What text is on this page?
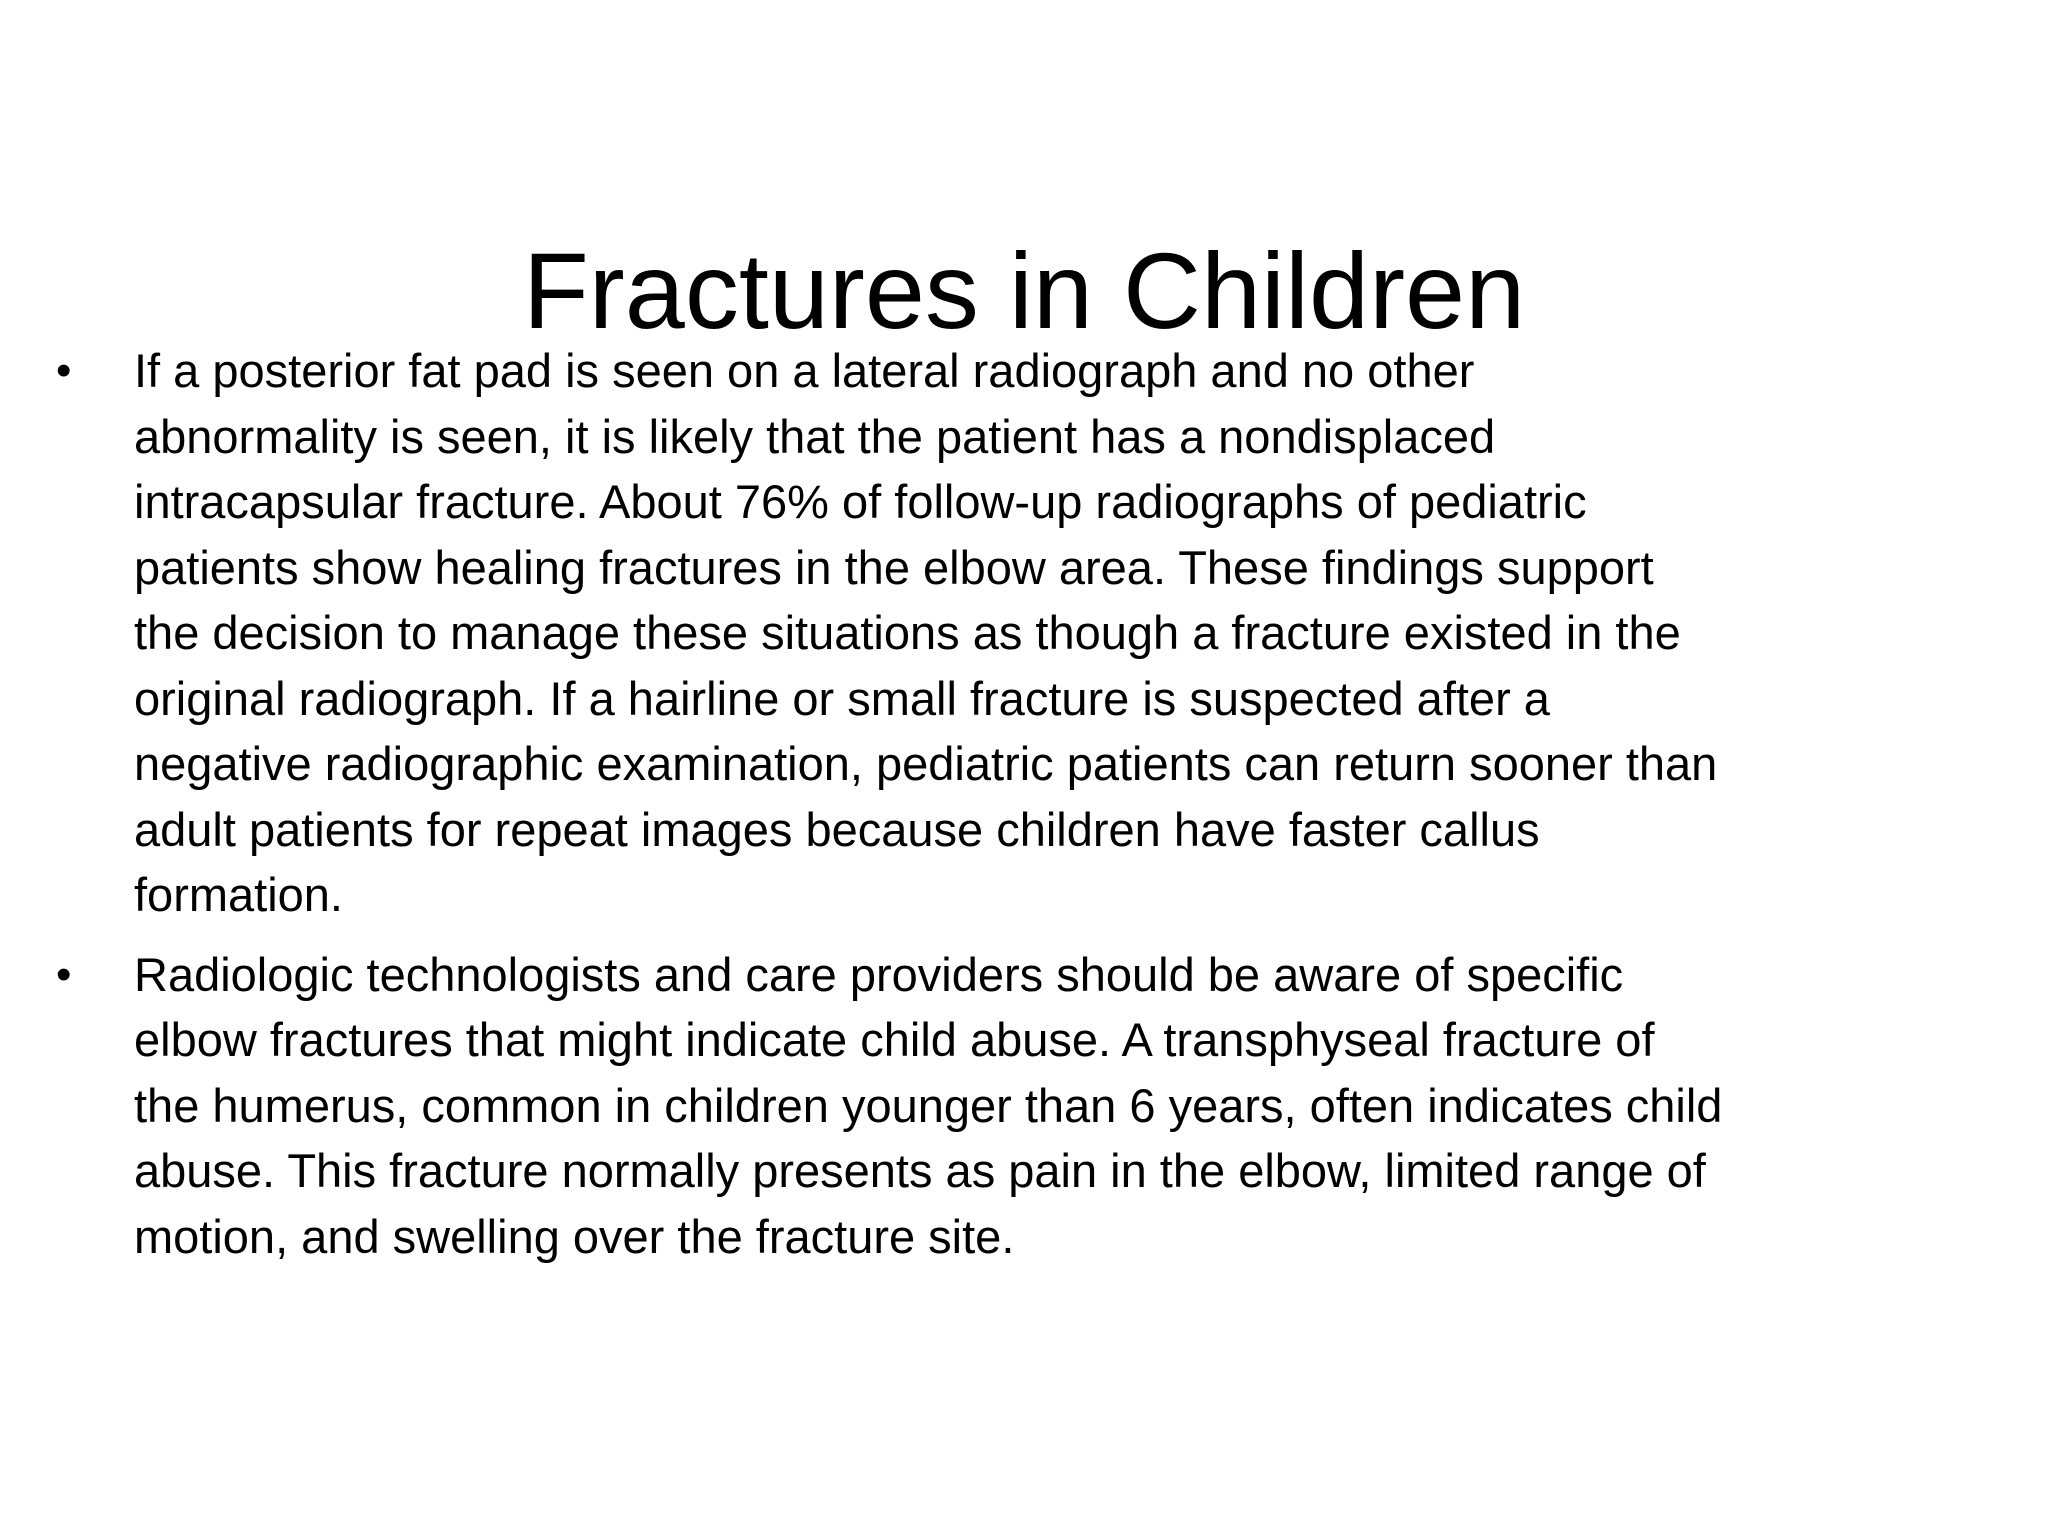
Fractures in Children
•	If a posterior fat pad is seen on a lateral radiograph and no other
abnormality is seen, it is likely that the patient has a nondisplaced
intracapsular fracture. About 76% of follow-up radiographs of pediatric
patients show healing fractures in the elbow area. These findings support
the decision to manage these situations as though a fracture existed in the
original radiograph. If a hairline or small fracture is suspected after a
negative radiographic examination, pediatric patients can return sooner than
adult patients for repeat images because children have faster callus
formation.
•	Radiologic technologists and care providers should be aware of specific
elbow fractures that might indicate child abuse. A transphyseal fracture of
the humerus, common in children younger than 6 years, often indicates child
abuse. This fracture normally presents as pain in the elbow, limited range of
motion, and swelling over the fracture site.
